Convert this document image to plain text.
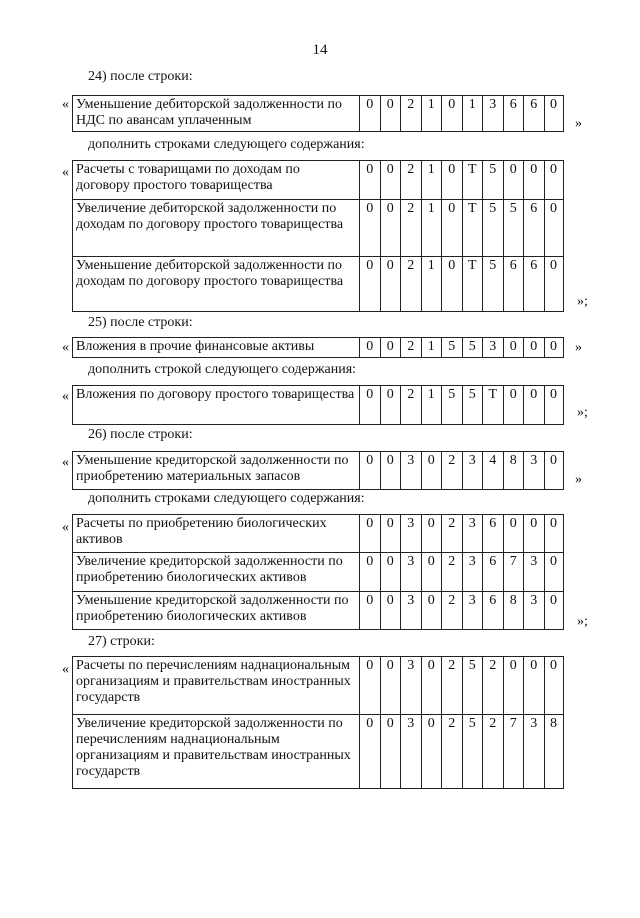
14
24) после строки:
« Уменьшение дебиторской задолженности по НДС по авансам уплаченным	0	0	2	1	0	1	3	6	6	0
»
дополнить строками следующего содержания:
« Расчеты с товарищами по доходам по договору простого товарищества	0	0	2	1	0	Т	5	0	0	0
Увеличение дебиторской задолженности по доходам по договору простого товарищества	0	0	2	1	0	Т	5	5	6	0
Уменьшение дебиторской задолженности по доходам по договору простого товарищества	0	0	2	1	0	Т	5	6	6	0
»;
25) после строки:
« Вложения в прочие финансовые активы	0	0	2	1	5	5	3	0	0	0 »
дополнить строкой следующего содержания:
« Вложения по договору простого товарищества	0	0	2	1	5	5	Т	0	0	0
»;
26) после строки:
« Уменьшение кредиторской задолженности по приобретению материальных запасов	0	0	3	0	2	3	4	8	3	0
»
дополнить строками следующего содержания:
« Расчеты по приобретению биологических активов	0	0	3	0	2	3	6	0	0	0
Увеличение кредиторской задолженности по приобретению биологических активов	0	0	3	0	2	3	6	7	3	0
Уменьшение кредиторской задолженности по приобретению биологических активов	0	0	3	0	2	3	6	8	3	0
»;
27) строки:
« Расчеты по перечислениям наднациональным организациям и правительствам иностранных государств	0	0	3	0	2	5	2	0	0	0
Увеличение кредиторской задолженности по перечислениям наднациональным организациям и правительствам иностранных государств	0	0	3	0	2	5	2	7	3	8
